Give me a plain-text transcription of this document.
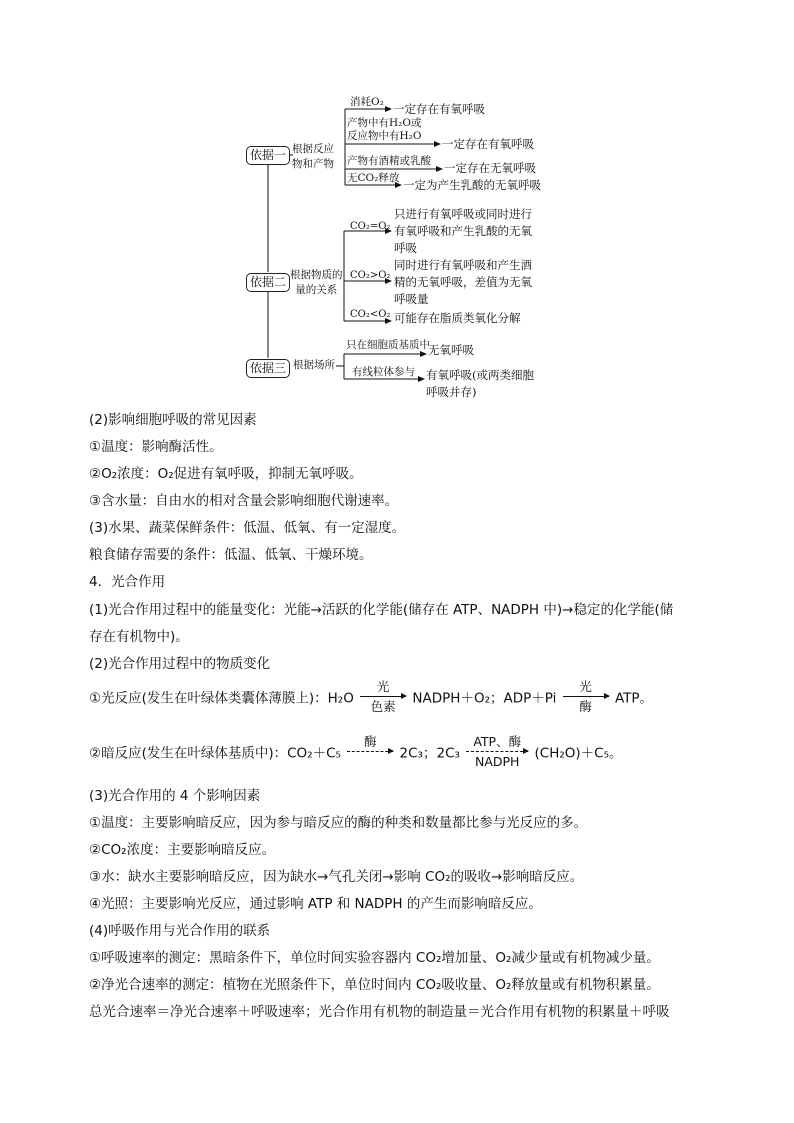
依据一 根据反应
物和产物
消耗O₂ 一定存在有氧呼吸
产物中有H₂O或
反应物中有H₂O
一定存在有氧呼吸
产物有酒精或乳酸 一定存在无氧呼吸
无CO₂释放 一定为产生乳酸的无氧呼吸
依据二 根据物质的
量的关系
CO₂=O₂
只进行有氧呼吸或同时进行
有氧呼吸和产生乳酸的无氧
呼吸
CO₂>O₂
同时进行有氧呼吸和产生酒
精的无氧呼吸，差值为无氧
呼吸量
CO₂<O₂ 可能存在脂质类氧化分解
依据三 根据场所
只在细胞质基质中
无氧呼吸
有线粒体参与 有氧呼吸(或两类细胞
呼吸并存)
(2)影响细胞呼吸的常见因素
①温度：影响酶活性。
②O₂浓度：O₂促进有氧呼吸，抑制无氧呼吸。
③含水量：自由水的相对含量会影响细胞代谢速率。
(3)水果、蔬菜保鲜条件：低温、低氧、有一定湿度。
粮食储存需要的条件：低温、低氧、干燥环境。
4．光合作用
(1)光合作用过程中的能量变化：光能→活跃的化学能(储存在 ATP、NADPH 中)→稳定的化学能(储
存在有机物中)。
(2)光合作用过程中的物质变化
①光反应(发生在叶绿体类囊体薄膜上)：H₂O
光
色素	NADPH＋O₂；ADP＋Pi
光
酶	ATP。
②暗反应(发生在叶绿体基质中)：CO₂＋C₅
酶
2C₃；2C₃
ATP、酶
NADPH	(CH₂O)＋C₅。
(3)光合作用的 4 个影响因素
①温度：主要影响暗反应，因为参与暗反应的酶的种类和数量都比参与光反应的多。
②CO₂浓度：主要影响暗反应。
③水：缺水主要影响暗反应，因为缺水→气孔关闭→影响 CO₂的吸收→影响暗反应。
④光照：主要影响光反应，通过影响 ATP 和 NADPH 的产生而影响暗反应。
(4)呼吸作用与光合作用的联系
①呼吸速率的测定：黑暗条件下，单位时间实验容器内 CO₂增加量、O₂减少量或有机物减少量。
②净光合速率的测定：植物在光照条件下，单位时间内 CO₂吸收量、O₂释放量或有机物积累量。
总光合速率＝净光合速率＋呼吸速率；光合作用有机物的制造量＝光合作用有机物的积累量＋呼吸
